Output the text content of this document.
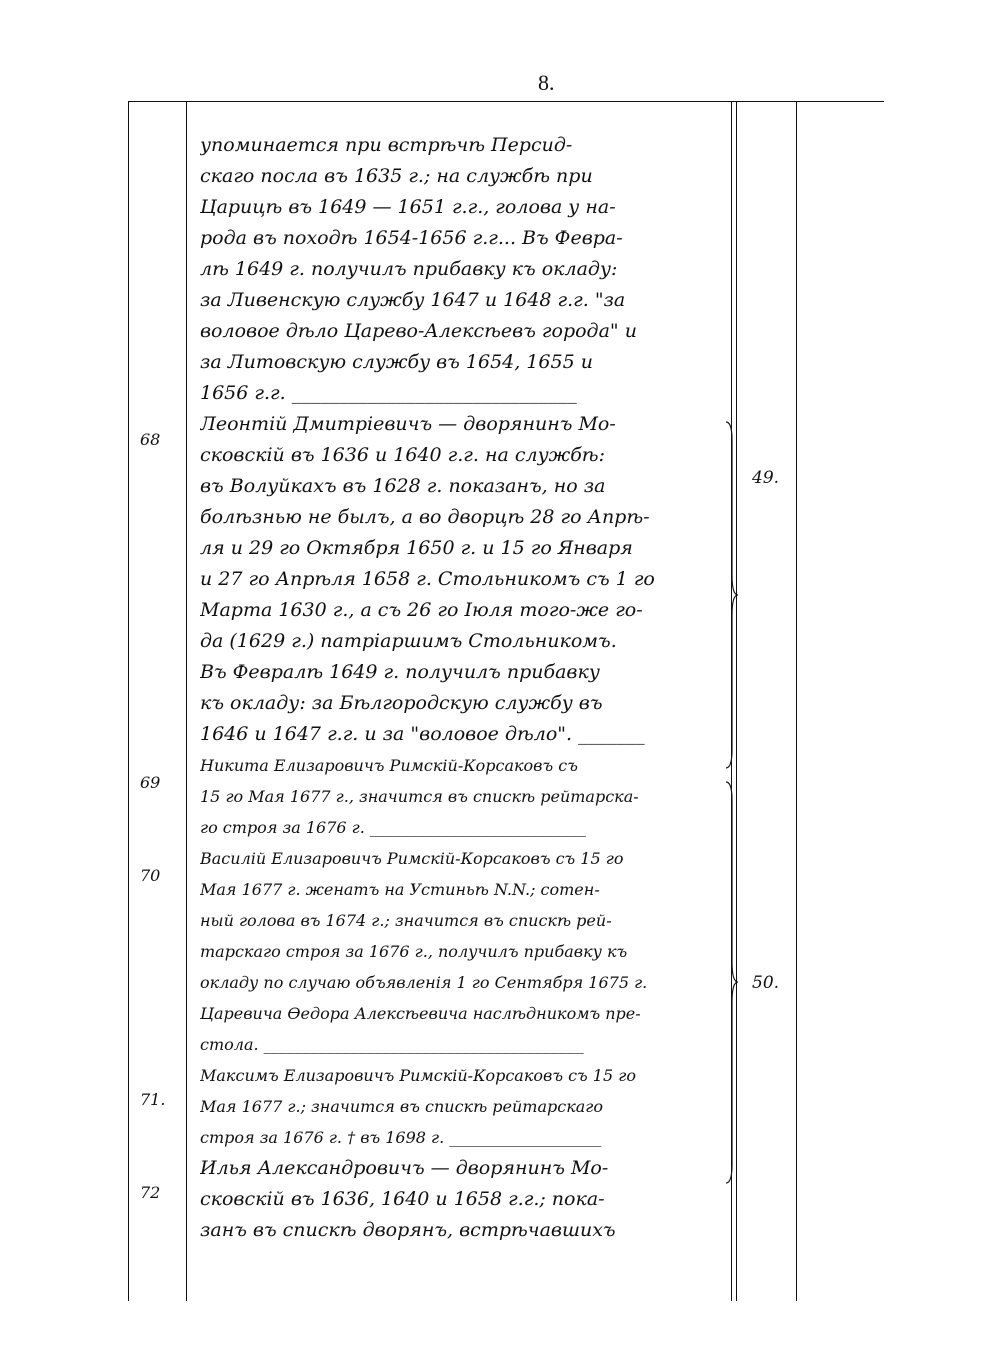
8.
49.
50.
68
69
70
71.
72
упоминается при встрѣчѣ Персид-
скаго посла въ 1635 г.; на службѣ при
Царицѣ въ 1649 — 1651 г.г., голова у на-
рода въ походѣ 1654-1656 г.г... Въ Февра-
лѣ 1649 г. получилъ прибавку къ окладу:
за Ливенскую службу 1647 и 1648 г.г. "за
воловое дѣло Царево-Алексѣевъ города" и
за Литовскую службу въ 1654, 1655 и
1656 г.г. ______________________________
Леонтій Дмитріевичъ — дворянинъ Мо-
сковскій въ 1636 и 1640 г.г. на службѣ:
въ Волуйкахъ въ 1628 г. показанъ, но за
болѣзнью не былъ, а во дворцѣ 28 го Апрѣ-
ля и 29 го Октября 1650 г. и 15 го Января
и 27 го Апрѣля 1658 г. Стольникомъ съ 1 го
Марта 1630 г., а съ 26 го Іюля того-же го-
да (1629 г.) патріаршимъ Стольникомъ.
Въ Февралѣ 1649 г. получилъ прибавку
къ окладу: за Бѣлгородскую службу въ
1646 и 1647 г.г. и за "воловое дѣло". _______
Никита Елизаровичъ Римскій-Корсаковъ съ
15 го Мая 1677 г., значится въ спискѣ рейтарска-
го строя за 1676 г. ___________________________
Василій Елизаровичъ Римскій-Корсаковъ съ 15 го
Мая 1677 г. женатъ на Устиньѣ N.N.; сотен-
ный голова въ 1674 г.; значится въ спискѣ рей-
тарскаго строя за 1676 г., получилъ прибавку къ
окладу по случаю объявленія 1 го Сентября 1675 г.
Царевича Ѳедора Алексѣевича наслѣдникомъ пре-
стола. ________________________________________
Максимъ Елизаровичъ Римскій-Корсаковъ съ 15 го
Мая 1677 г.; значится въ спискѣ рейтарскаго
строя за 1676 г. † въ 1698 г. ___________________
Илья Александровичъ — дворянинъ Мо-
сковскій въ 1636, 1640 и 1658 г.г.; пока-
занъ въ спискѣ дворянъ, встрѣчавшихъ
